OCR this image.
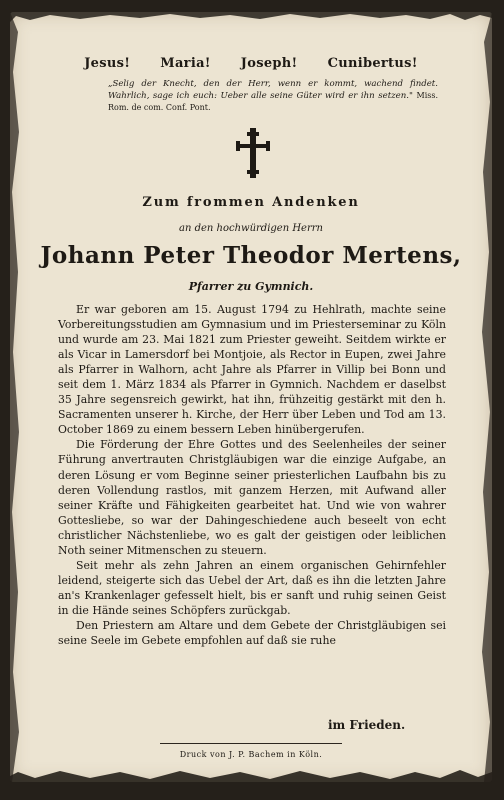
Jesus! Maria! Joseph! Cunibertus!
„Selig der Knecht, den der Herr, wenn er kommt, wachend findet. Wahrlich, sage ich euch: Ueber alle seine Güter wird er ihn setzen." Miss. Rom. de com. Conf. Pont.
Zum frommen Andenken
an den hochwürdigen Herrn
Johann Peter Theodor Mertens,
Pfarrer zu Gymnich.

Er war geboren am 15. August 1794 zu Hehlrath, machte seine Vorbereitungsstudien am Gymnasium und im Priesterseminar zu Köln und wurde am 23. Mai 1821 zum Priester geweiht. Seitdem wirkte er als Vicar in Lamersdorf bei Montjoie, als Rector in Eupen, zwei Jahre als Pfarrer in Walhorn, acht Jahre als Pfarrer in Villip bei Bonn und seit dem 1. März 1834 als Pfarrer in Gymnich. Nachdem er daselbst 35 Jahre segensreich gewirkt, hat ihn, frühzeitig gestärkt mit den h. Sacramenten unserer h. Kirche, der Herr über Leben und Tod am 13. October 1869 zu einem bessern Leben hinübergerufen.

Die Förderung der Ehre Gottes und des Seelenheiles der seiner Führung anvertrauten Christgläubigen war die einzige Aufgabe, an deren Lösung er vom Beginne seiner priesterlichen Laufbahn bis zu deren Vollendung rastlos, mit ganzem Herzen, mit Aufwand aller seiner Kräfte und Fähigkeiten gearbeitet hat. Und wie von wahrer Gottesliebe, so war der Dahingeschiedene auch beseelt von echt christlicher Nächstenliebe, wo es galt der geistigen oder leiblichen Noth seiner Mitmenschen zu steuern.

Seit mehr als zehn Jahren an einem organischen Gehirnfehler leidend, steigerte sich das Uebel der Art, daß es ihn die letzten Jahre an's Krankenlager gefesselt hielt, bis er sanft und ruhig seinen Geist in die Hände seines Schöpfers zurückgab.

Den Priestern am Altare und dem Gebete der Christgläubigen sei seine Seele im Gebete empfohlen auf daß sie ruhe

im Frieden.
Druck von J. P. Bachem in Köln.
